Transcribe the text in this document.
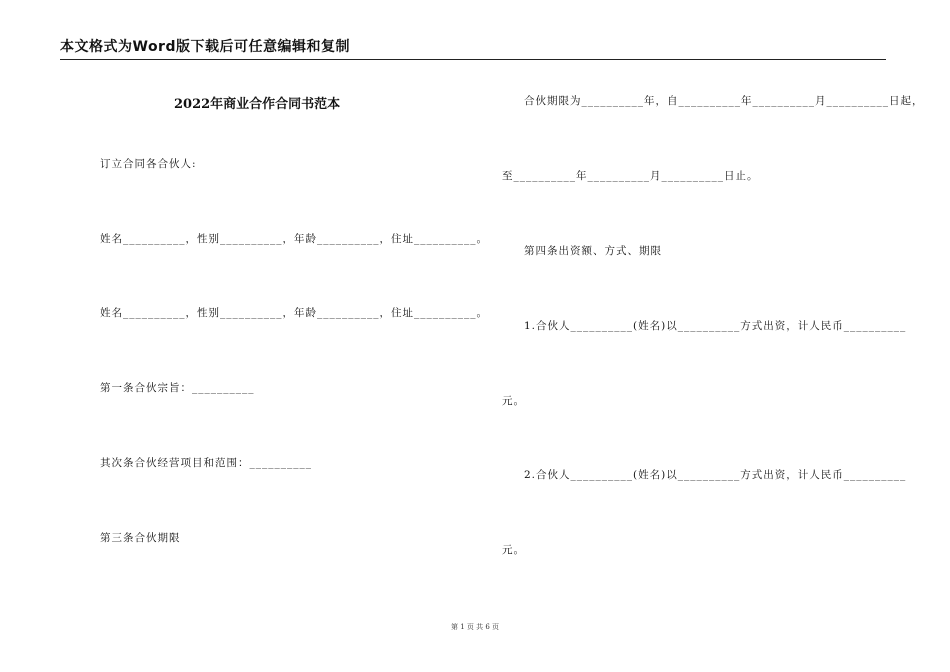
本文格式为Word版下载后可任意编辑和复制
2022年商业合作合同书范本
订立合同各合伙人:
姓名__________，性别__________，年龄__________，住址__________。
姓名__________，性别__________，年龄__________，住址__________。
第一条合伙宗旨：__________
其次条合伙经营项目和范围：__________
第三条合伙期限
合伙期限为__________年，自__________年__________月__________日起，
至__________年__________月__________日止。
第四条出资额、方式、期限
1.合伙人__________(姓名)以__________方式出资，计人民币__________
元。
2.合伙人__________(姓名)以__________方式出资，计人民币__________
元。
第 1 页 共 6 页
